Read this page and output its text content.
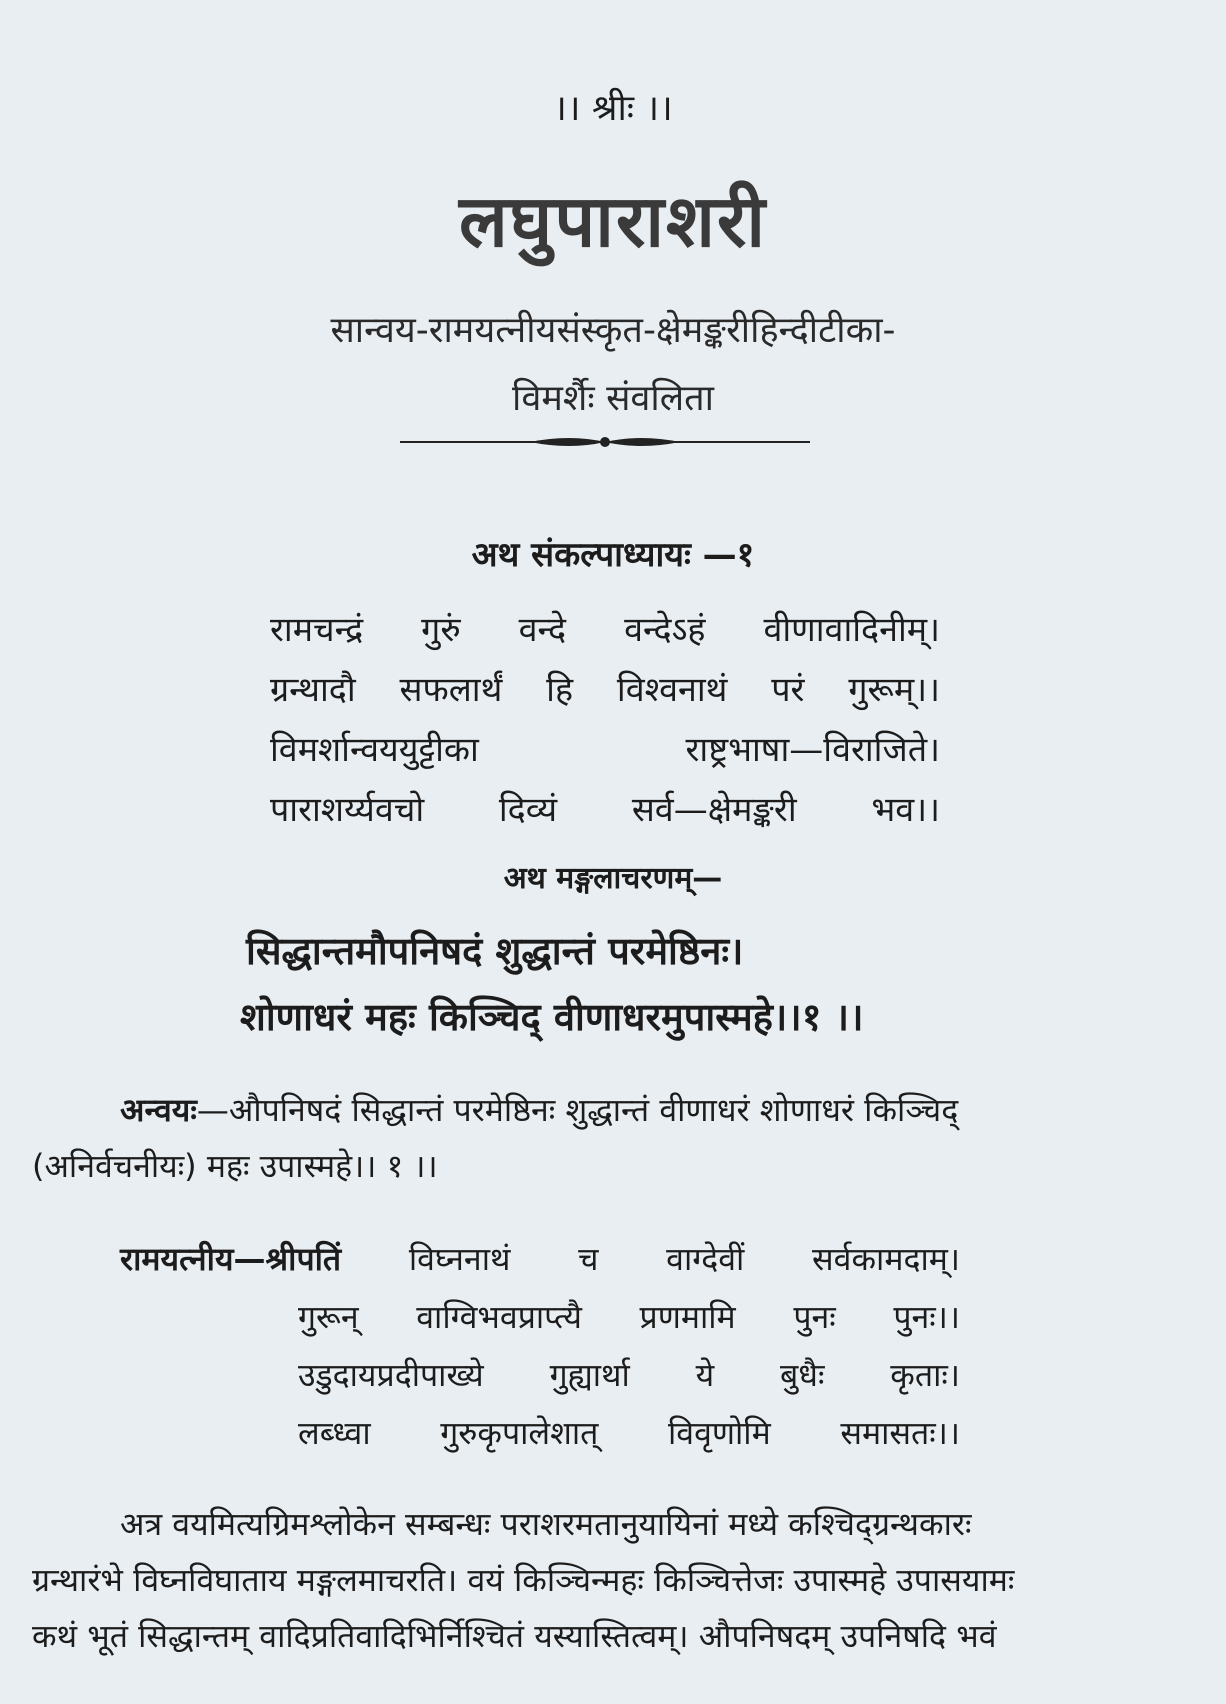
।। श्रीः ।।
लघुपाराशरी
सान्वय-रामयत्नीयसंस्कृत-क्षेमङ्करीहिन्दीटीका-
विमर्शैः संवलिता
अथ संकल्पाध्यायः —१
रामचन्द्रं गुरुं वन्दे वन्देऽहं वीणावादिनीम्।
ग्रन्थादौ सफलार्थं हि विश्वनाथं परं गुरूम्।।
विमर्शान्वययुट्टीका	राष्ट्रभाषा—विराजिते।
पाराशर्य्यवचो दिव्यं सर्व—क्षेमङ्करी भव।।
अथ मङ्गलाचरणम्—
सिद्धान्तमौपनिषदं शुद्धान्तं परमेष्ठिनः।
शोणाधरं महः किञ्चिद् वीणाधरमुपास्महे।।१ ।।
अन्वयः—औपनिषदं सिद्धान्तं परमेष्ठिनः शुद्धान्तं वीणाधरं शोणाधरं किञ्चिद्
(अनिर्वचनीयः) महः उपास्महे।। १ ।।
रामयत्नीय—श्रीपतिं विघ्ननाथं च वाग्देवीं सर्वकामदाम्।
गुरून् वाग्विभवप्राप्त्यै प्रणमामि पुनः पुनः।।
उडुदायप्रदीपाख्ये गुह्यार्था ये बुधैः कृताः।
लब्ध्वा गुरुकृपालेशात् विवृणोमि समासतः।।
अत्र वयमित्यग्रिमश्लोकेन सम्बन्धः पराशरमतानुयायिनां मध्ये कश्चिद्ग्रन्थकारः
ग्रन्थारंभे विघ्नविघाताय मङ्गलमाचरति। वयं किञ्चिन्महः किञ्चित्तेजः उपास्महे उपासयामः
कथं भूतं सिद्धान्तम् वादिप्रतिवादिभिर्निश्चितं यस्यास्तित्वम्। औपनिषदम् उपनिषदि भवं
